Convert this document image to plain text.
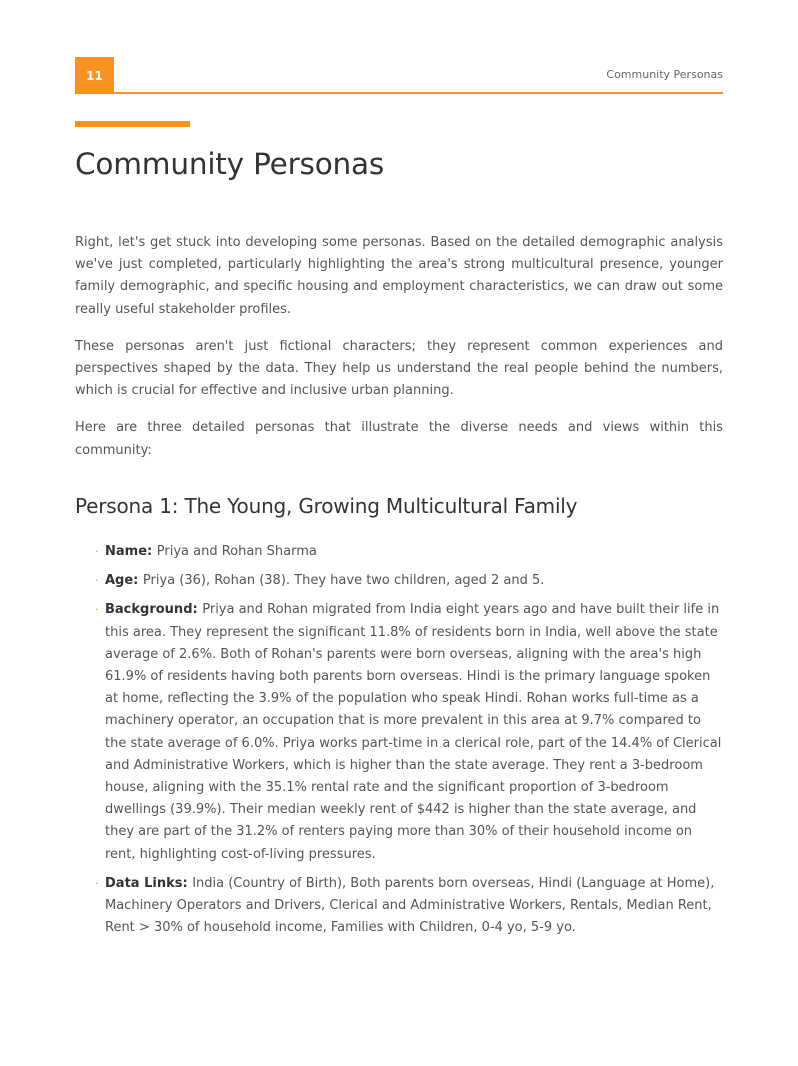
11	Community Personas
Community Personas

Right, let's get stuck into developing some personas. Based on the detailed demographic analysis we've just completed, particularly highlighting the area's strong multicultural presence, younger family demographic, and specific housing and employment characteristics, we can draw out some really useful stakeholder profiles.

These personas aren't just fictional characters; they represent common experiences and perspectives shaped by the data. They help us understand the real people behind the numbers, which is crucial for effective and inclusive urban planning.

Here are three detailed personas that illustrate the diverse needs and views within this community:

Persona 1: The Young, Growing Multicultural Family
· Name: Priya and Rohan Sharma
· Age: Priya (36), Rohan (38). They have two children, aged 2 and 5.
· Background: Priya and Rohan migrated from India eight years ago and have built their life in this area. They represent the significant 11.8% of residents born in India, well above the state average of 2.6%. Both of Rohan's parents were born overseas, aligning with the area's high 61.9% of residents having both parents born overseas. Hindi is the primary language spoken at home, reflecting the 3.9% of the population who speak Hindi. Rohan works full-time as a machinery operator, an occupation that is more prevalent in this area at 9.7% compared to the state average of 6.0%. Priya works part-time in a clerical role, part of the 14.4% of Clerical and Administrative Workers, which is higher than the state average. They rent a 3-bedroom house, aligning with the 35.1% rental rate and the significant proportion of 3-bedroom dwellings (39.9%). Their median weekly rent of $442 is higher than the state average, and they are part of the 31.2% of renters paying more than 30% of their household income on rent, highlighting cost-of-living pressures.
· Data Links: India (Country of Birth), Both parents born overseas, Hindi (Language at Home), Machinery Operators and Drivers, Clerical and Administrative Workers, Rentals, Median Rent, Rent > 30% of household income, Families with Children, 0-4 yo, 5-9 yo.
